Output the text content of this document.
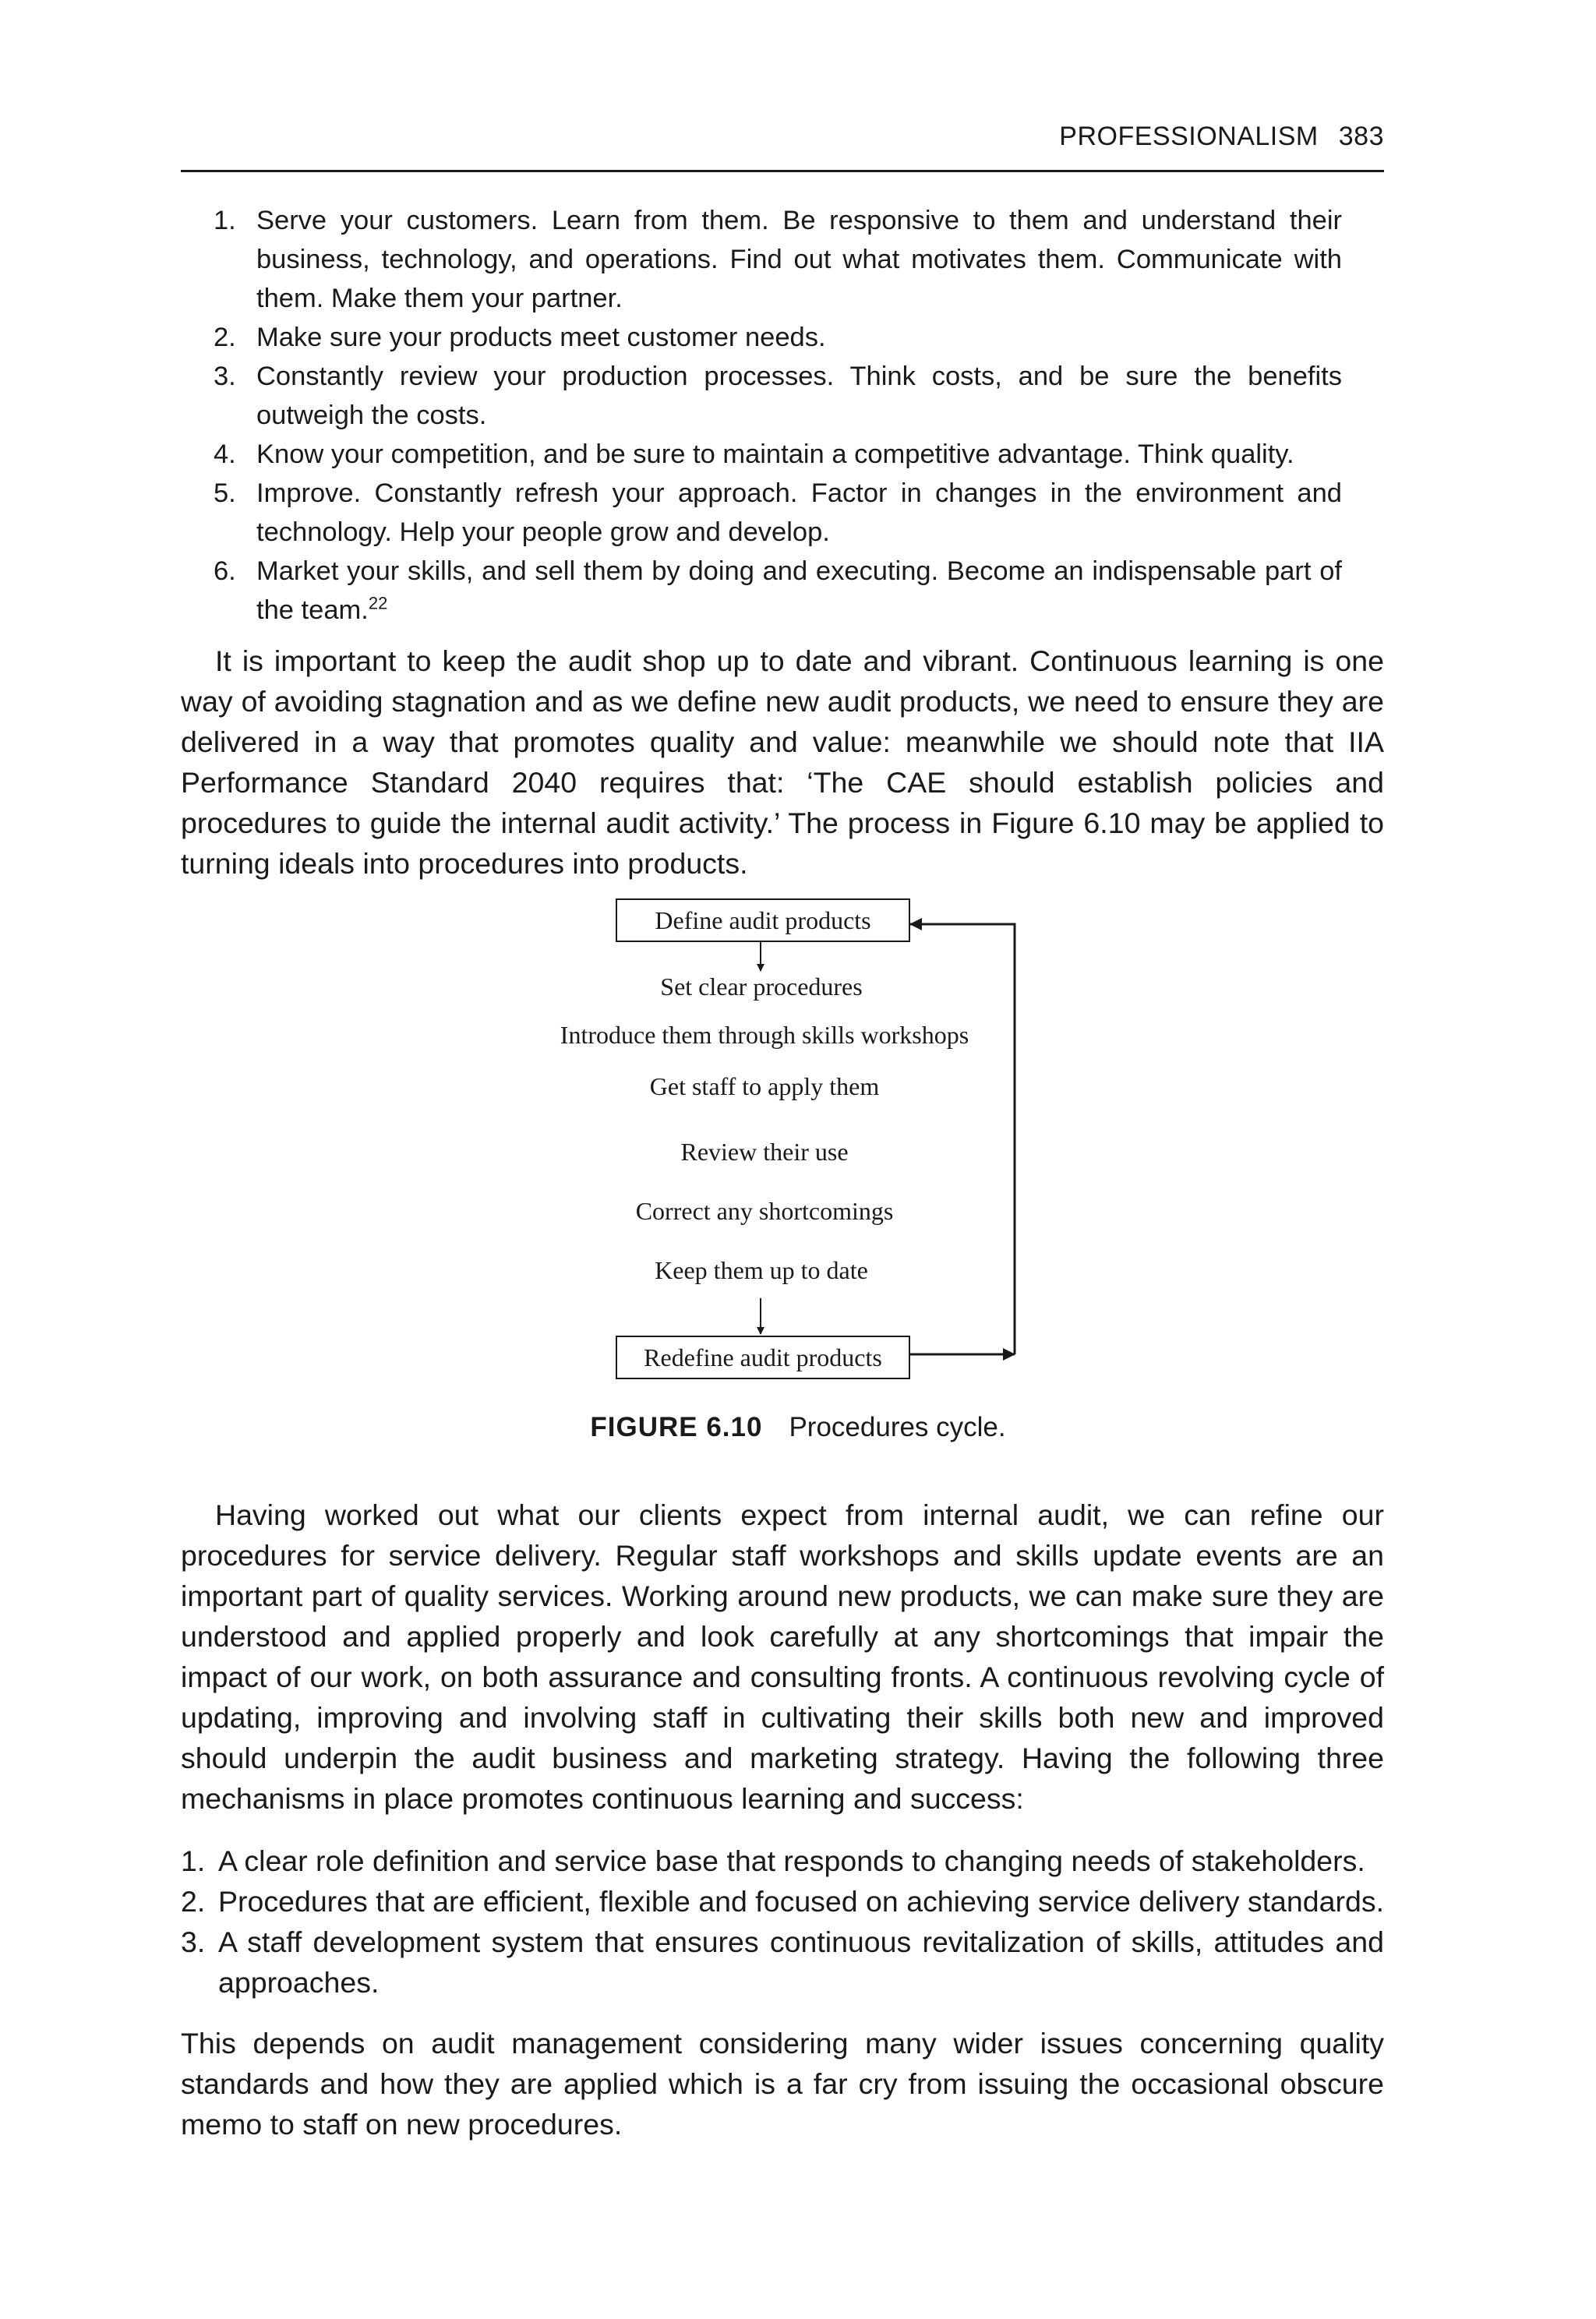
PROFESSIONALISM 383
1. Serve your customers. Learn from them. Be responsive to them and understand their business, technology, and operations. Find out what motivates them. Communicate with them. Make them your partner.
2. Make sure your products meet customer needs.
3. Constantly review your production processes. Think costs, and be sure the benefits outweigh the costs.
4. Know your competition, and be sure to maintain a competitive advantage. Think quality.
5. Improve. Constantly refresh your approach. Factor in changes in the environment and technology. Help your people grow and develop.
6. Market your skills, and sell them by doing and executing. Become an indispensable part of the team.$^{22}$

It is important to keep the audit shop up to date and vibrant. Continuous learning is one way of avoiding stagnation and as we define new audit products, we need to ensure they are delivered in a way that promotes quality and value: meanwhile we should note that IIA Performance Standard 2040 requires that: ‘The CAE should establish policies and procedures to guide the internal audit activity.’ The process in Figure 6.10 may be applied to turning ideals into procedures into products.

Define audit products
Set clear procedures
Introduce them through skills workshops
Get staff to apply them
Review their use
Correct any shortcomings
Keep them up to date
Redefine audit products
FIGURE 6.10 Procedures cycle.

Having worked out what our clients expect from internal audit, we can refine our procedures for service delivery. Regular staff workshops and skills update events are an important part of quality services. Working around new products, we can make sure they are understood and applied properly and look carefully at any shortcomings that impair the impact of our work, on both assurance and consulting fronts. A continuous revolving cycle of updating, improving and involving staff in cultivating their skills both new and improved should underpin the audit business and marketing strategy. Having the following three mechanisms in place promotes continuous learning and success:

1. A clear role definition and service base that responds to changing needs of stakeholders.
2. Procedures that are efficient, flexible and focused on achieving service delivery standards.
3. A staff development system that ensures continuous revitalization of skills, attitudes and approaches.

This depends on audit management considering many wider issues concerning quality standards and how they are applied which is a far cry from issuing the occasional obscure memo to staff on new procedures.
